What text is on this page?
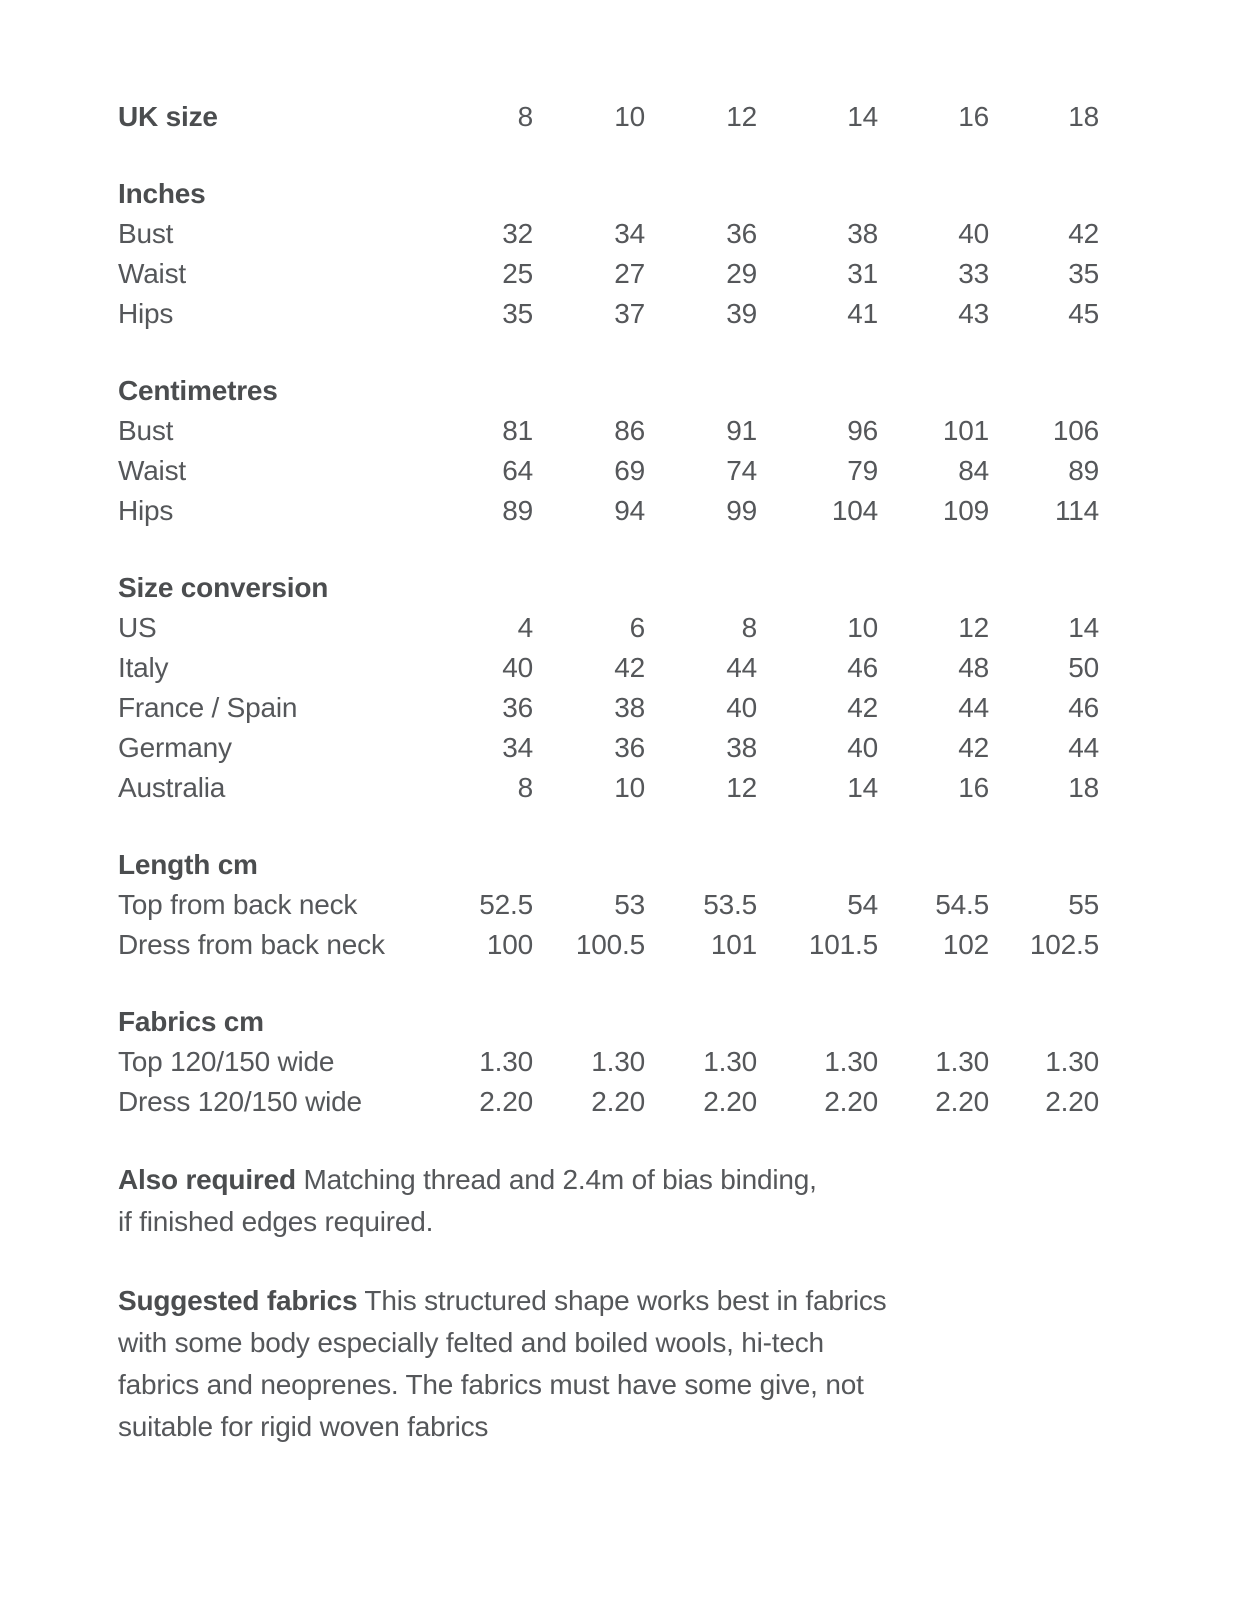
UK size	8	10	12	14	16	18
Inches
Bust	32	34	36	38	40	42
Waist	25	27	29	31	33	35
Hips	35	37	39	41	43	45
Centimetres
Bust	81	86	91	96	101	106
Waist	64	69	74	79	84	89
Hips	89	94	99	104	109	114
Size conversion
US	4	6	8	10	12	14
Italy	40	42	44	46	48	50
France / Spain	36	38	40	42	44	46
Germany	34	36	38	40	42	44
Australia	8	10	12	14	16	18
Length cm
Top from back neck	52.5	53	53.5	54	54.5	55
Dress from back neck	100	100.5	101	101.5	102	102.5
Fabrics cm
Top 120/150 wide	1.30	1.30	1.30	1.30	1.30	1.30
Dress 120/150 wide	2.20	2.20	2.20	2.20	2.20	2.20

Also required Matching thread and 2.4m of bias binding,
if finished edges required.

Suggested fabrics This structured shape works best in fabrics
with some body especially felted and boiled wools, hi-tech
fabrics and neoprenes. The fabrics must have some give, not
suitable for rigid woven fabrics
